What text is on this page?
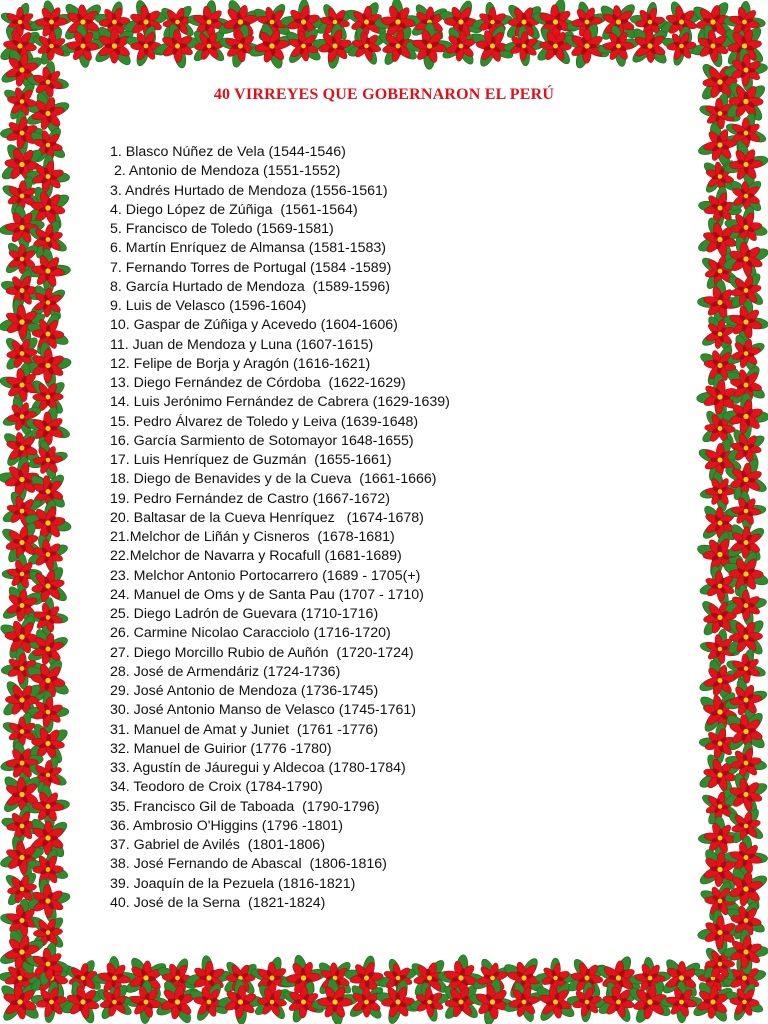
40 VIRREYES QUE GOBERNARON EL PERÚ
1. Blasco Núñez de Vela (1544-1546)
2. Antonio de Mendoza (1551-1552)
3. Andrés Hurtado de Mendoza (1556-1561)
4. Diego López de Zúñiga  (1561-1564)
5. Francisco de Toledo (1569-1581)
6. Martín Enríquez de Almansa (1581-1583)
7. Fernando Torres de Portugal (1584 -1589)
8. García Hurtado de Mendoza  (1589-1596)
9. Luis de Velasco (1596-1604)
10. Gaspar de Zúñiga y Acevedo (1604-1606)
11. Juan de Mendoza y Luna (1607-1615)
12. Felipe de Borja y Aragón (1616-1621)
13. Diego Fernández de Córdoba  (1622-1629)
14. Luis Jerónimo Fernández de Cabrera (1629-1639)
15. Pedro Álvarez de Toledo y Leiva (1639-1648)
16. García Sarmiento de Sotomayor 1648-1655)
17. Luis Henríquez de Guzmán  (1655-1661)
18. Diego de Benavides y de la Cueva  (1661-1666)
19. Pedro Fernández de Castro (1667-1672)
20. Baltasar de la Cueva Henríquez   (1674-1678)
21.Melchor de Liñán y Cisneros  (1678-1681)
22.Melchor de Navarra y Rocafull (1681-1689)
23. Melchor Antonio Portocarrero (1689 - 1705(+)
24. Manuel de Oms y de Santa Pau (1707 - 1710)
25. Diego Ladrón de Guevara (1710-1716)
26. Carmine Nicolao Caracciolo (1716-1720)
27. Diego Morcillo Rubio de Auñón  (1720-1724)
28. José de Armendáriz (1724-1736)
29. José Antonio de Mendoza (1736-1745)
30. José Antonio Manso de Velasco (1745-1761)
31. Manuel de Amat y Juniet  (1761 -1776)
32. Manuel de Guirior (1776 -1780)
33. Agustín de Jáuregui y Aldecoa (1780-1784)
34. Teodoro de Croix (1784-1790)
35. Francisco Gil de Taboada  (1790-1796)
36. Ambrosio O'Higgins (1796 -1801)
37. Gabriel de Avilés  (1801-1806)
38. José Fernando de Abascal  (1806-1816)
39. Joaquín de la Pezuela (1816-1821)
40. José de la Serna  (1821-1824)
